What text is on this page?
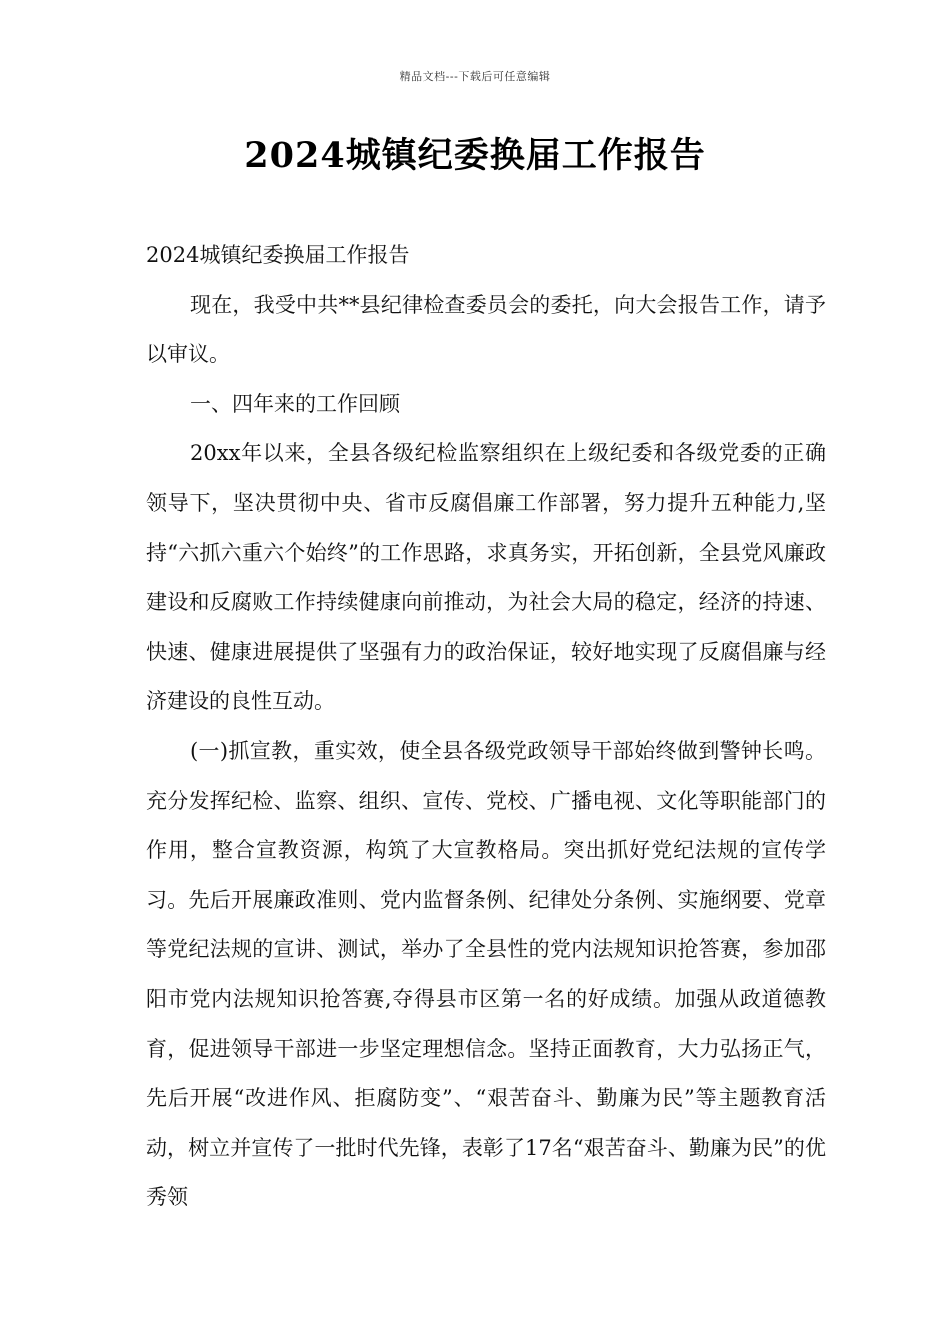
精品文档---下载后可任意编辑
2024城镇纪委换届工作报告

2024城镇纪委换届工作报告

现在，我受中共**县纪律检查委员会的委托，向大会报告工作，请予以审议。

一、四年来的工作回顾

20xx年以来，全县各级纪检监察组织在上级纪委和各级党委的正确领导下，坚决贯彻中央、省市反腐倡廉工作部署，努力提升五种能力,坚持“六抓六重六个始终”的工作思路，求真务实，开拓创新，全县党风廉政建设和反腐败工作持续健康向前推动，为社会大局的稳定，经济的持速、快速、健康进展提供了坚强有力的政治保证，较好地实现了反腐倡廉与经济建设的良性互动。

(一)抓宣教，重实效，使全县各级党政领导干部始终做到警钟长鸣。充分发挥纪检、监察、组织、宣传、党校、广播电视、文化等职能部门的作用，整合宣教资源，构筑了大宣教格局。突出抓好党纪法规的宣传学习。先后开展廉政准则、党内监督条例、纪律处分条例、实施纲要、党章等党纪法规的宣讲、测试，举办了全县性的党内法规知识抢答赛，参加邵阳市党内法规知识抢答赛,夺得县市区第一名的好成绩。加强从政道德教育，促进领导干部进一步坚定理想信念。坚持正面教育，大力弘扬正气，先后开展“改进作风、拒腐防变”、“艰苦奋斗、勤廉为民”等主题教育活动，树立并宣传了一批时代先锋，表彰了17名“艰苦奋斗、勤廉为民”的优秀领
